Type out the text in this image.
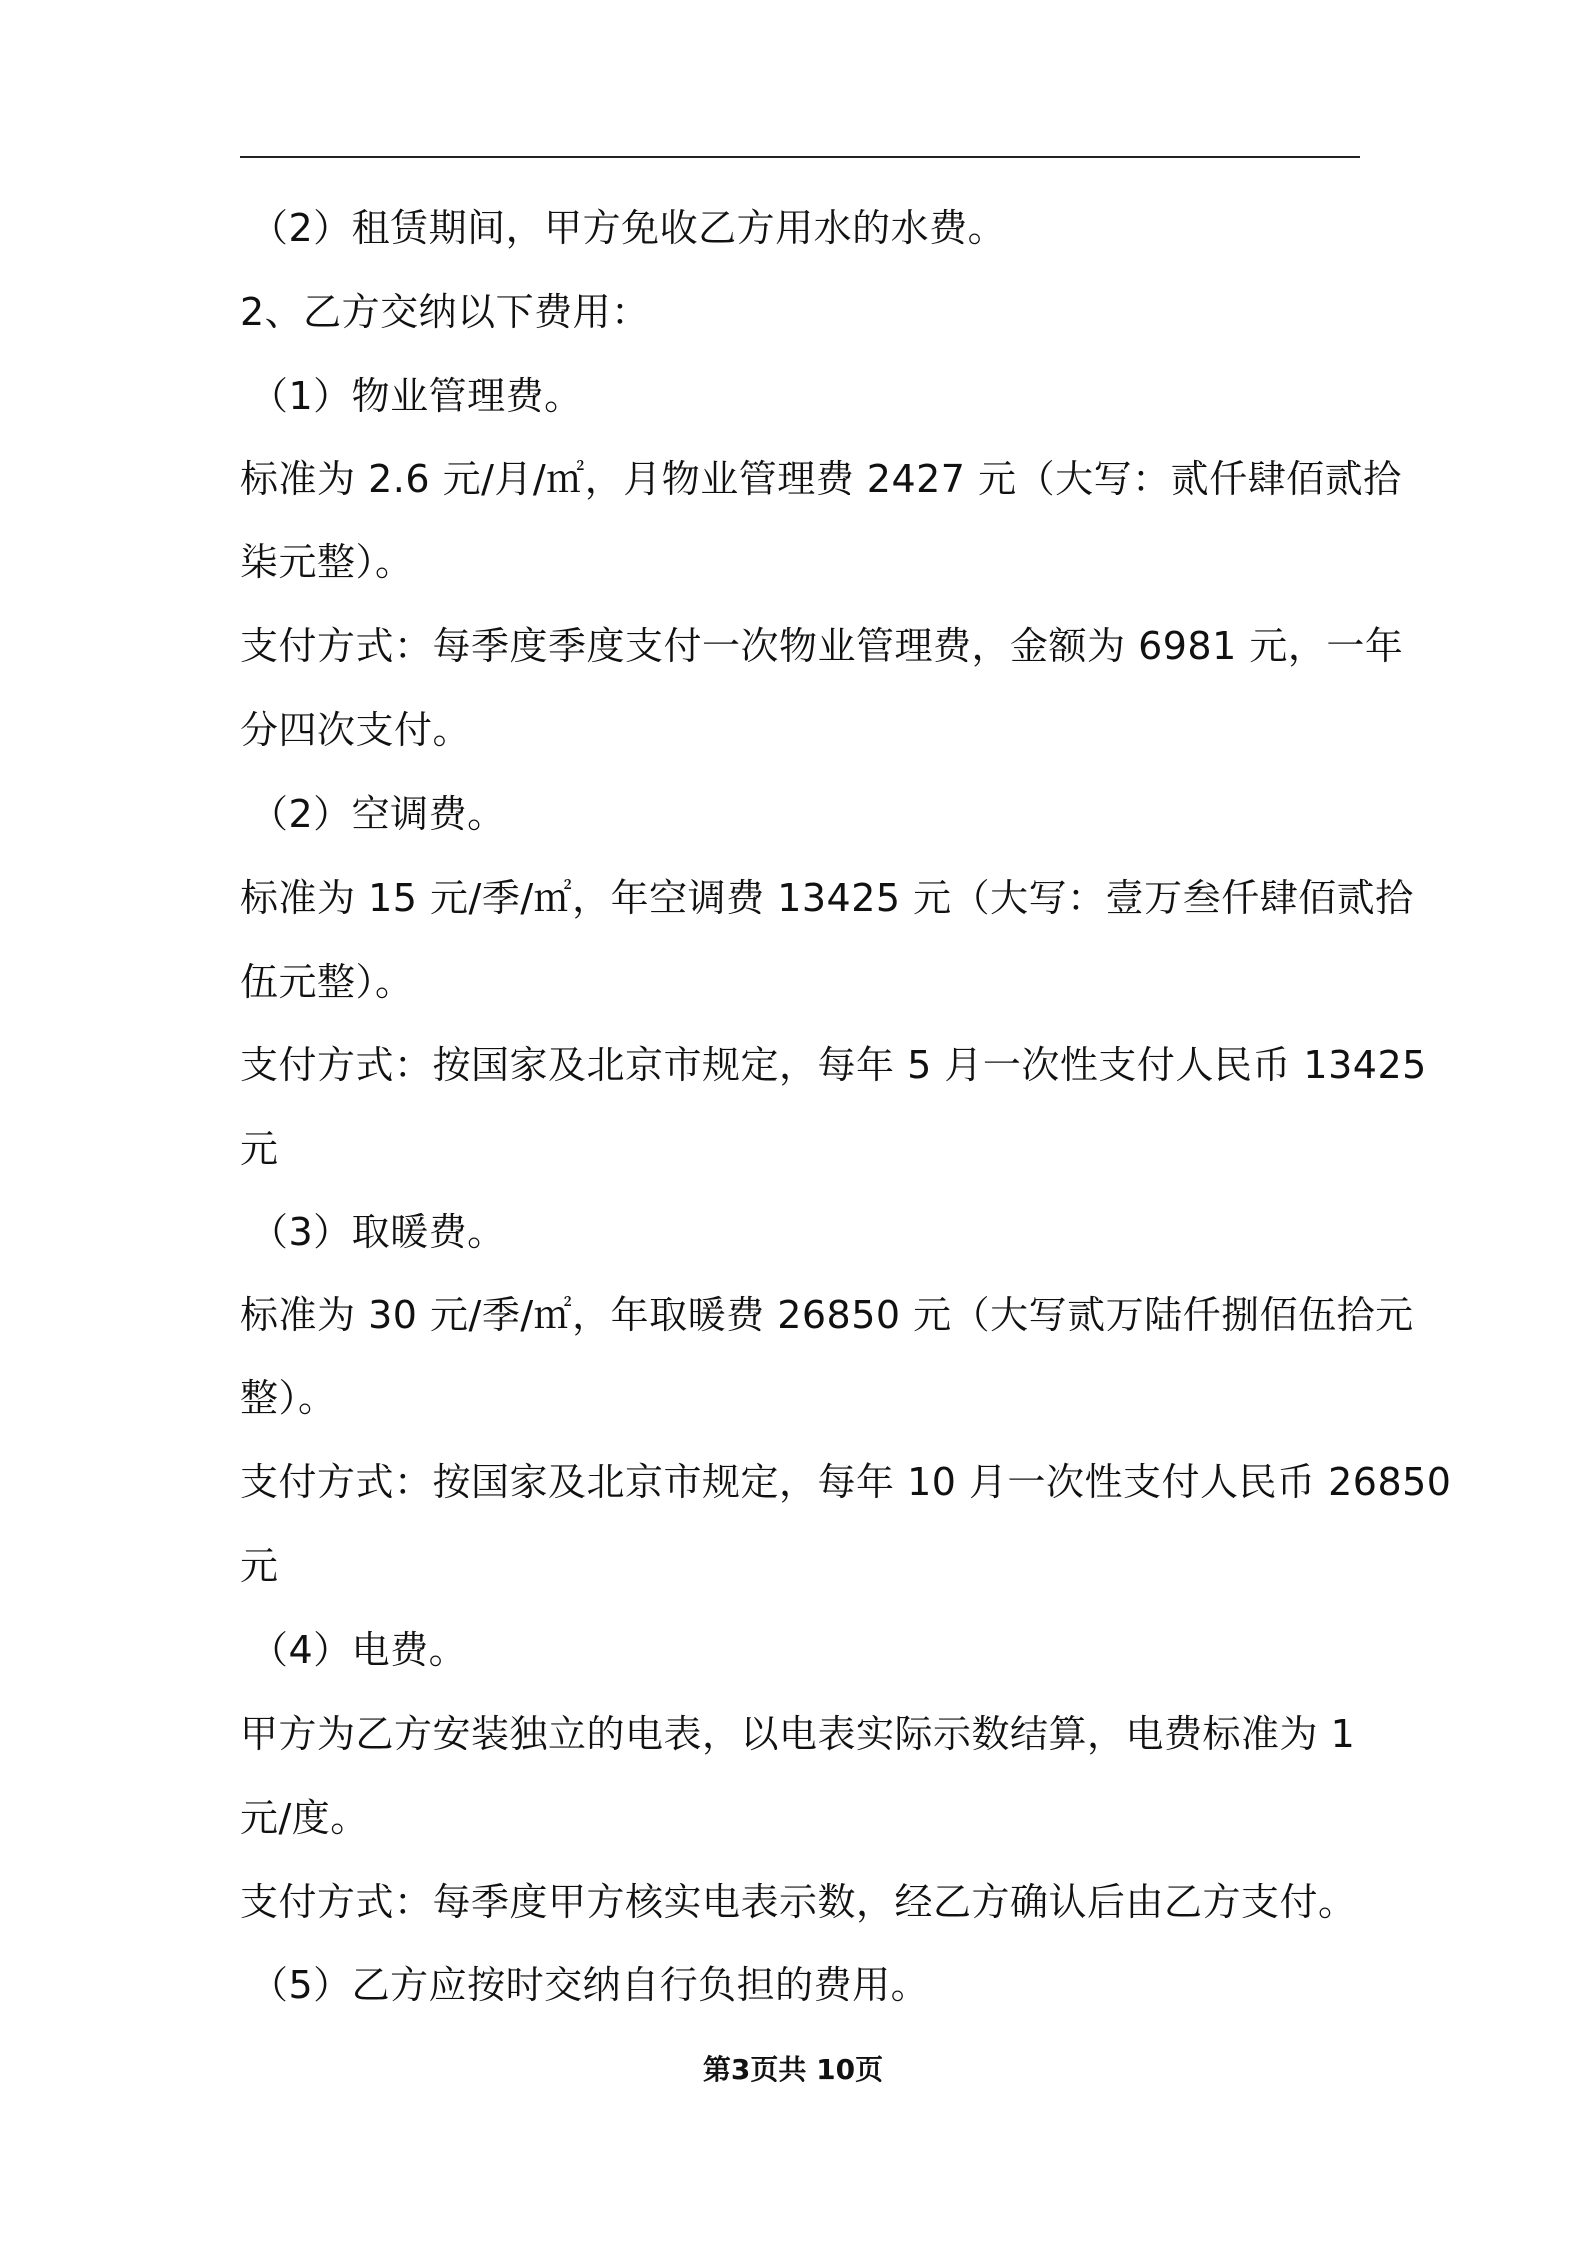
（2）租赁期间，甲方免收乙方用水的水费。
2、乙方交纳以下费用：
（1）物业管理费。
标准为 2.6 元/月/㎡，月物业管理费 2427 元（大写：贰仟肆佰贰拾
柒元整）。
支付方式：每季度季度支付一次物业管理费，金额为 6981 元，一年
分四次支付。
（2）空调费。
标准为 15 元/季/㎡，年空调费 13425 元（大写：壹万叁仟肆佰贰拾
伍元整）。
支付方式：按国家及北京市规定，每年 5 月一次性支付人民币 13425
元
（3）取暖费。
标准为 30 元/季/㎡，年取暖费 26850 元（大写贰万陆仟捌佰伍拾元
整）。
支付方式：按国家及北京市规定，每年 10 月一次性支付人民币 26850
元
（4）电费。
甲方为乙方安装独立的电表，以电表实际示数结算，电费标准为 1
元/度。
支付方式：每季度甲方核实电表示数，经乙方确认后由乙方支付。
（5）乙方应按时交纳自行负担的费用。
第3页共 10页
